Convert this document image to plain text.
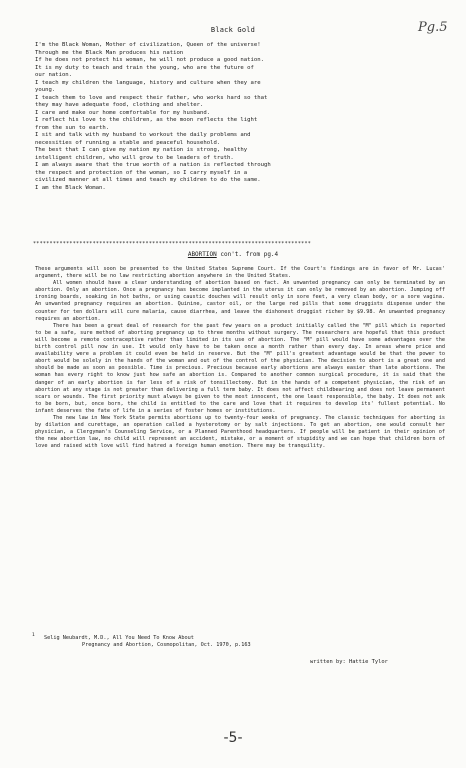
Black Gold	Pg.5
I'm the Black Woman, Mother of civilization, Queen of the universe!
Through me the Black Man produces his nation
If he does not protect his woman, he will not produce a good nation.
It is my duty to teach and train the young, who are the future of
our nation.
I teach my children the language, history and culture when they are
young.
I teach them to love and respect their father, who works hard so that
they may have adequate food, clothing and shelter.
I care and make our home comfortable for my husband.
I reflect his love to the children, as the moon reflects the light
from the sun to earth.
I sit and talk with my husband to workout the daily problems and
necessities of running a stable and peaceful household.
The best that I can give my nation my nation is strong, healthy
intelligent children, who will grow to be leaders of truth.
I am always aware that the true worth of a nation is reflected through
the respect and protection of the woman, so I carry myself in a
civilized manner at all times and teach my children to do the same.
I am the Black Woman.
************************************************************************************
ABORTION con't. from pg.4

These arguments will soon be presented to the United States Supreme Court. If the Court's findings are in favor of Mr. Lucas' argument, there will be no law restricting abortion anywhere in the United States.

All women should have a clear understanding of abortion based on fact. An unwanted pregnancy can only be terminated by an abortion. Only an abortion. Once a pregnancy has become implanted in the uterus it can only be removed by an abortion. Jumping off ironing boards, soaking in hot baths, or using caustic douches will result only in sore feet, a very clean body, or a sore vagina. An unwanted pregnancy requires an abortion. Quinine, castor oil, or the large red pills that some druggists dispense under the counter for ten dollars will cure malaria, cause diarrhea, and leave the dishonest druggist richer by $9.98. An unwanted pregnancy requires an abortion.

There has been a great deal of research for the past few years on a product initially called the "M" pill which is reported to be a safe, sure method of aborting pregnancy up to three months without surgery. The researchers are hopeful that this product will become a remote contraceptive rather than limited in its use of abortion. The "M" pill would have some advantages over the birth control pill now in use. It would only have to be taken once a month rather than every day. In areas where price and availability were a problem it could even be held in reserve. But the "M" pill's greatest advantage would be that the power to abort would be solely in the hands of the woman and out of the control of the physician. The decision to abort is a great one and should be made as soon as possible. Time is precious. Precious because early abortions are always easier than late abortions. The woman has every right to know just how safe an abortion is. Compared to another common surgical procedure, it is said that the danger of an early abortion is far less of a risk of tonsillectomy. But in the hands of a competent physician, the risk of an abortion at any stage is not greater than delivering a full term baby. It does not affect childbearing and does not leave permanent scars or wounds. The first priority must always be given to the most innocent, the one least responsible, the baby. It does not ask to be born, but, once born, the child is entitled to the care and love that it requires to develop its' fullest potential. No infant deserves the fate of life in a series of foster homes or institutions.

The new law in New York State permits abortions up to twenty-four weeks of pregnancy. The classic techniques for aborting is by dilation and curettage, an operation called a hysterotomy or by salt injections. To get an abortion, one would consult her physician, a Clergyman's Counseling Service, or a Planned Parenthood headquarters. If people will be patient in their opinion of the new abortion law, no child will represent an accident, mistake, or a moment of stupidity and we can hope that children born of love and raised with love will find hatred a foreign human emotion. There may be tranquility.

1 Selig Neubardt, M.D., All You Need To Know About
Pregnancy and Abortion, Cosmopolitan, Oct. 1970, p.163
written by: Hattie Tylor
-5-
